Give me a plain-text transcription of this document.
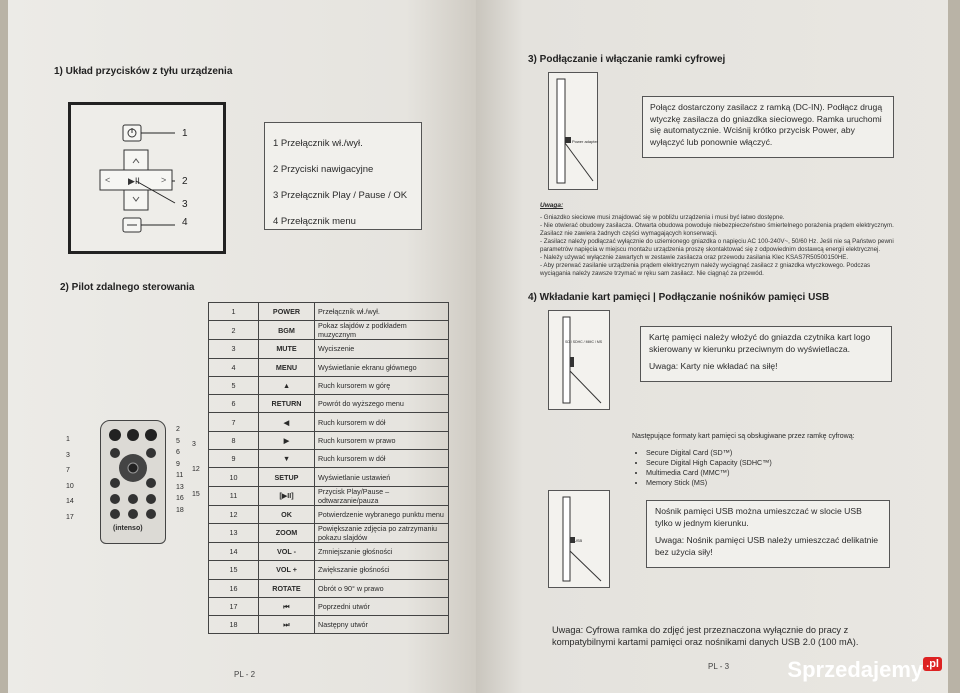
1) Układ przycisków z tyłu urządzenia
<	>
▶II
1
2
3
4
1 Przełącznik wł./wył.
2 Przyciski nawigacyjne
3 Przełącznik Play / Pause / OK
4 Przełącznik menu
2) Pilot zdalnego sterowania
(intenso)
1
3
7
10
14
17
2
5
6
9
11
13
16
18
3
12
15
1	POWER	Przełącznik wł./wył.
2	BGM	Pokaz slajdów z podkładem muzycznym
3	MUTE	Wyciszenie
4	MENU	Wyświetlanie ekranu głównego
5	▲	Ruch kursorem w górę
6	RETURN	Powrót do wyższego menu
7	◀	Ruch kursorem w dół
8	▶	Ruch kursorem w prawo
9	▼	Ruch kursorem w dół
10	SETUP	Wyświetlanie ustawień
11	[▶II]	Przycisk Play/Pause – odtwarzanie/pauza
12	OK	Potwierdzenie wybranego punktu menu
13	ZOOM	Powiększanie zdjęcia po zatrzymaniu pokazu slajdów
14	VOL -	Zmniejszanie głośności
15	VOL +	Zwiększanie głośności
16	ROTATE	Obrót o 90° w prawo
17	⏮	Poprzedni utwór
18	⏭	Następny utwór
PL - 2
3) Podłączanie i włączanie ramki cyfrowej
Power adapter
Połącz dostarczony zasilacz z ramką (DC-IN). Podłącz drugą wtyczkę zasilacza do gniazdka sieciowego. Ramka uruchomi się automatycznie. Wciśnij krótko przycisk Power, aby wyłączyć lub ponownie włączyć.
Uwaga:
- Gniazdko sieciowe musi znajdować się w pobliżu urządzenia i musi być łatwo dostępne.
- Nie otwierać obudowy zasilacza. Otwarta obudowa powoduje niebezpieczeństwo śmiertelnego porażenia prądem elektrycznym. Zasilacz nie zawiera żadnych części wymagających konserwacji.
- Zasilacz należy podłączać wyłącznie do uziemionego gniazdka o napięciu AC 100-240V~, 50/60 Hz. Jeśli nie są Państwo pewni parametrów napięcia w miejscu montażu urządzenia proszę skontaktować się z odpowiednim dostawcą energii elektrycznej.
- Należy używać wyłącznie zawartych w zestawie zasilacza oraz przewodu zasilania Klec KSAS7R50500150HE.
- Aby przerwać zasilanie urządzenia prądem elektrycznym należy wyciągnąć zasilacz z gniazdka wtyczkowego. Podczas wyciągania należy zawsze trzymać w ręku sam zasilacz. Nie ciągnąć za przewód.
4) Wkładanie kart pamięci | Podłączanie nośników pamięci USB
SD / SDHC / MMC / MS	Kartę pamięci należy włożyć do gniazda czytnika kart logo skierowany w kierunku przeciwnym do wyświetlacza.
Uwaga: Karty nie wkładać na siłę!
Następujące formaty kart pamięci są obsługiwane przez ramkę cyfrową:
• Secure Digital Card (SD™)
• Secure Digital High Capacity (SDHC™)
• Multimedia Card (MMC™)
• Memory Stick (MS)
USB
Nośnik pamięci USB można umieszczać w slocie USB tylko w jednym kierunku.
Uwaga: Nośnik pamięci USB należy umieszczać delikatnie bez użycia siły!
Uwaga: Cyfrowa ramka do zdjęć jest przeznaczona wyłącznie do pracy z kompatybilnymi kartami pamięci oraz nośnikami danych USB 2.0 (100 mA).
PL - 3	Sprzedajemy .pl
